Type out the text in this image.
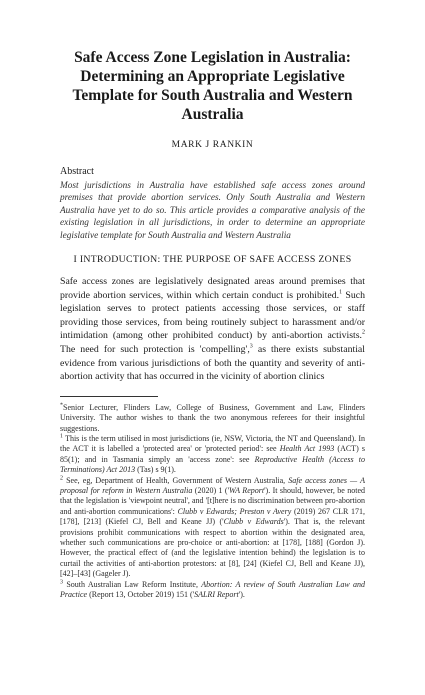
Safe Access Zone Legislation in Australia: Determining an Appropriate Legislative Template for South Australia and Western Australia
MARK J RANKIN
Abstract
Most jurisdictions in Australia have established safe access zones around premises that provide abortion services. Only South Australia and Western Australia have yet to do so. This article provides a comparative analysis of the existing legislation in all jurisdictions, in order to determine an appropriate legislative template for South Australia and Western Australia
I INTRODUCTION: THE PURPOSE OF SAFE ACCESS ZONES
Safe access zones are legislatively designated areas around premises that provide abortion services, within which certain conduct is prohibited.$^1$ Such legislation serves to protect patients accessing those services, or staff providing those services, from being routinely subject to harassment and/or intimidation (among other prohibited conduct) by anti-abortion activists.$^2$ The need for such protection is 'compelling',$^3$ as there exists substantial evidence from various jurisdictions of both the quantity and severity of anti-abortion activity that has occurred in the vicinity of abortion clinics
*Senior Lecturer, Flinders Law, College of Business, Government and Law, Flinders University. The author wishes to thank the two anonymous referees for their insightful suggestions.
$^1$ This is the term utilised in most jurisdictions (ie, NSW, Victoria, the NT and Queensland). In the ACT it is labelled a 'protected area' or 'protected period': see Health Act 1993 (ACT) s 85(1); and in Tasmania simply an 'access zone': see Reproductive Health (Access to Terminations) Act 2013 (Tas) s 9(1).
$^2$ See, eg, Department of Health, Government of Western Australia, Safe access zones — A proposal for reform in Western Australia (2020) 1 ('WA Report'). It should, however, be noted that the legislation is 'viewpoint neutral', and '[t]here is no discrimination between pro-abortion and anti-abortion communications': Clubb v Edwards; Preston v Avery (2019) 267 CLR 171, [178], [213] (Kiefel CJ, Bell and Keane JJ) ('Clubb v Edwards'). That is, the relevant provisions prohibit communications with respect to abortion within the designated area, whether such communications are pro-choice or anti-abortion: at [178], [188] (Gordon J). However, the practical effect of (and the legislative intention behind) the legislation is to curtail the activities of anti-abortion protestors: at [8], [24] (Kiefel CJ, Bell and Keane JJ), [42]–[43] (Gageler J).
$^3$ South Australian Law Reform Institute, Abortion: A review of South Australian Law and Practice (Report 13, October 2019) 151 ('SALRI Report').
